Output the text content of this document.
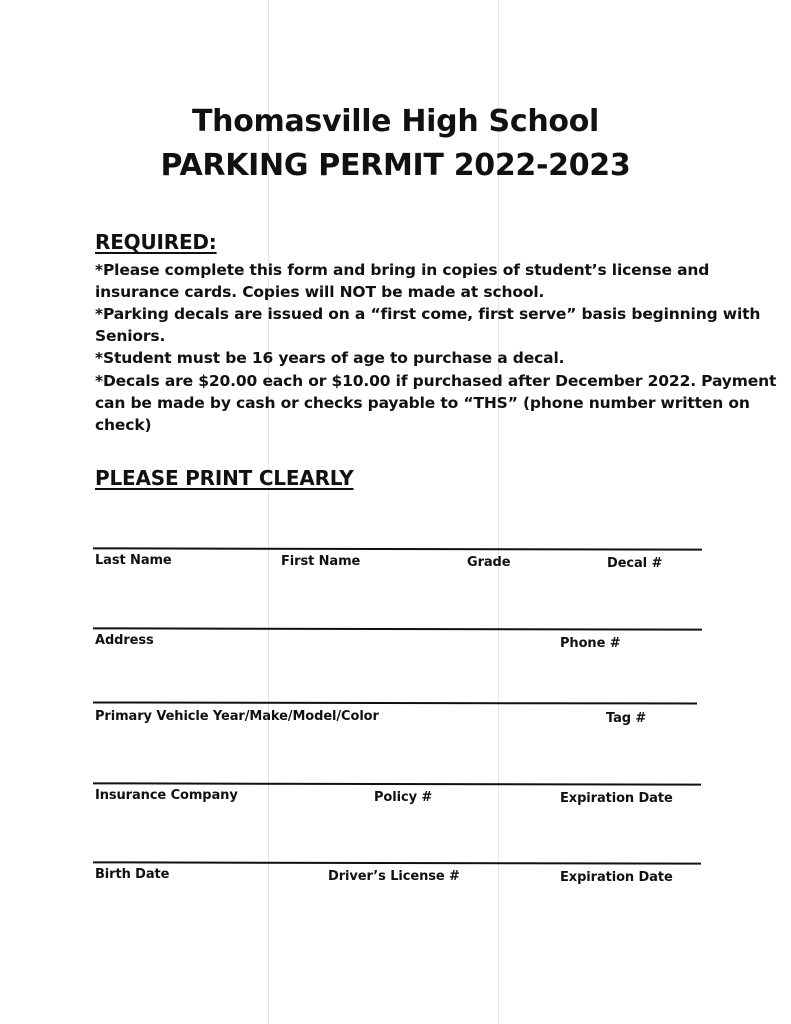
Thomasville High School
PARKING PERMIT 2022-2023
REQUIRED:
*Please complete this form and bring in copies of student’s license and
insurance cards. Copies will NOT be made at school.
*Parking decals are issued on a “first come, first serve” basis beginning with
Seniors.
*Student must be 16 years of age to purchase a decal.
*Decals are $20.00 each or $10.00 if purchased after December 2022. Payment
can be made by cash or checks payable to “THS” (phone number written on
check)
PLEASE PRINT CLEARLY
Last Name	First Name	Grade	Decal #
Address	Phone #
Primary Vehicle Year/Make/Model/Color	Tag #
Insurance Company	Policy #	Expiration Date
Birth Date	Driver’s License #	Expiration Date
